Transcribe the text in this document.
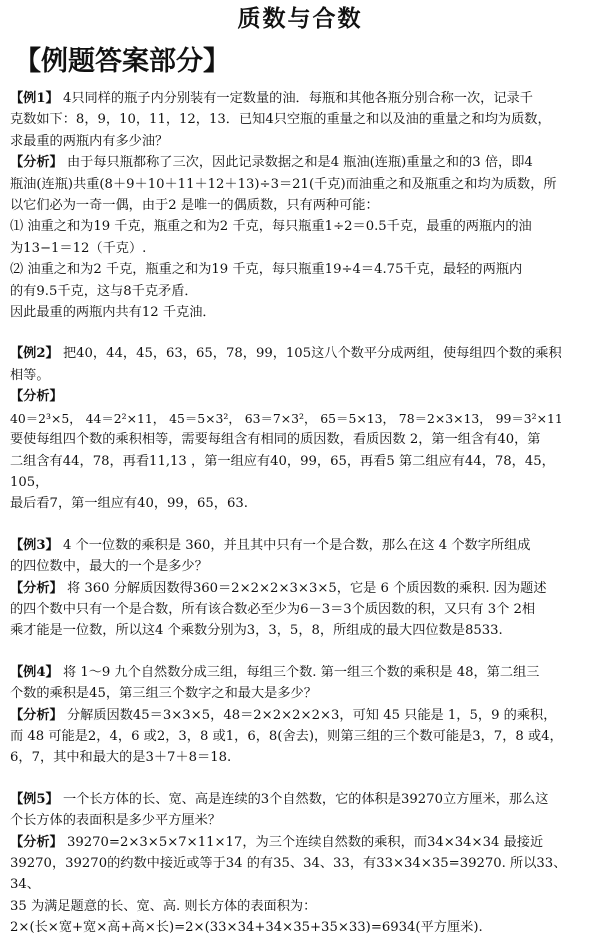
质数与合数
【例题答案部分】

【例1】 4只同样的瓶子内分别装有一定数量的油．每瓶和其他各瓶分别合称一次，记录千

克数如下：8，9，10，11，12，13．已知4只空瓶的重量之和以及油的重量之和均为质数，

求最重的两瓶内有多少油？

【分析】 由于每只瓶都称了三次，因此记录数据之和是4 瓶油(连瓶)重量之和的3 倍，即4

瓶油(连瓶)共重(8＋9＋10＋11＋12＋13)÷3＝21(千克)而油重之和及瓶重之和均为质数，所

以它们必为一奇一偶，由于2 是唯一的偶质数，只有两种可能：

⑴ 油重之和为19 千克，瓶重之和为2 千克，每只瓶重1÷2＝0.5千克，最重的两瓶内的油

为13−1＝12（千克）.

⑵ 油重之和为2 千克，瓶重之和为19 千克，每只瓶重19÷4＝4.75千克，最轻的两瓶内

的有9.5千克，这与8千克矛盾．

因此最重的两瓶内共有12 千克油．

【例2】 把40，44，45，63，65，78，99，105这八个数平分成两组，使每组四个数的乘积

相等。

【分析】

40＝2³×5， 44＝2²×11， 45＝5×3²， 63＝7×3²， 65＝5×13， 78＝2×3×13， 99＝3²×11

要使每组四个数的乘积相等，需要每组含有相同的质因数，看质因数 2，第一组含有40，第

二组含有44，78，再看11,13 ，第一组应有40，99，65，再看5 第二组应有44，78，45，105，

最后看7，第一组应有40，99，65，63.

【例3】 4 个一位数的乘积是 360，并且其中只有一个是合数，那么在这 4 个数字所组成

的四位数中，最大的一个是多少？

【分析】 将 360 分解质因数得360＝2×2×2×3×3×5，它是 6 个质因数的乘积. 因为题述

的四个数中只有一个是合数，所有该合数必至少为6－3＝3个质因数的积，又只有 3个 2相

乘才能是一位数，所以这4 个乘数分别为3，3，5，8，所组成的最大四位数是8533.

【例4】 将 1～9 九个自然数分成三组，每组三个数. 第一组三个数的乘积是 48，第二组三

个数的乘积是45，第三组三个数字之和最大是多少？

【分析】 分解质因数45＝3×3×5，48＝2×2×2×2×3，可知 45 只能是 1，5，9 的乘积，

而 48 可能是2，4，6 或2，3，8 或1，6，8(舍去)，则第三组的三个数可能是3，7，8 或4，

6，7，其中和最大的是3＋7＋8＝18.

【例5】 一个长方体的长、宽、高是连续的3个自然数，它的体积是39270立方厘米，那么这

个长方体的表面积是多少平方厘米？

【分析】 39270=2×3×5×7×11×17，为三个连续自然数的乘积，而34×34×34 最接近

39270，39270的约数中接近或等于34 的有35、34、33，有33×34×35=39270. 所以33、34、

35 为满足题意的长、宽、高. 则长方体的表面积为：

2×(长×宽+宽×高+高×长)=2×(33×34+34×35+35×33)=6934(平方厘米).
